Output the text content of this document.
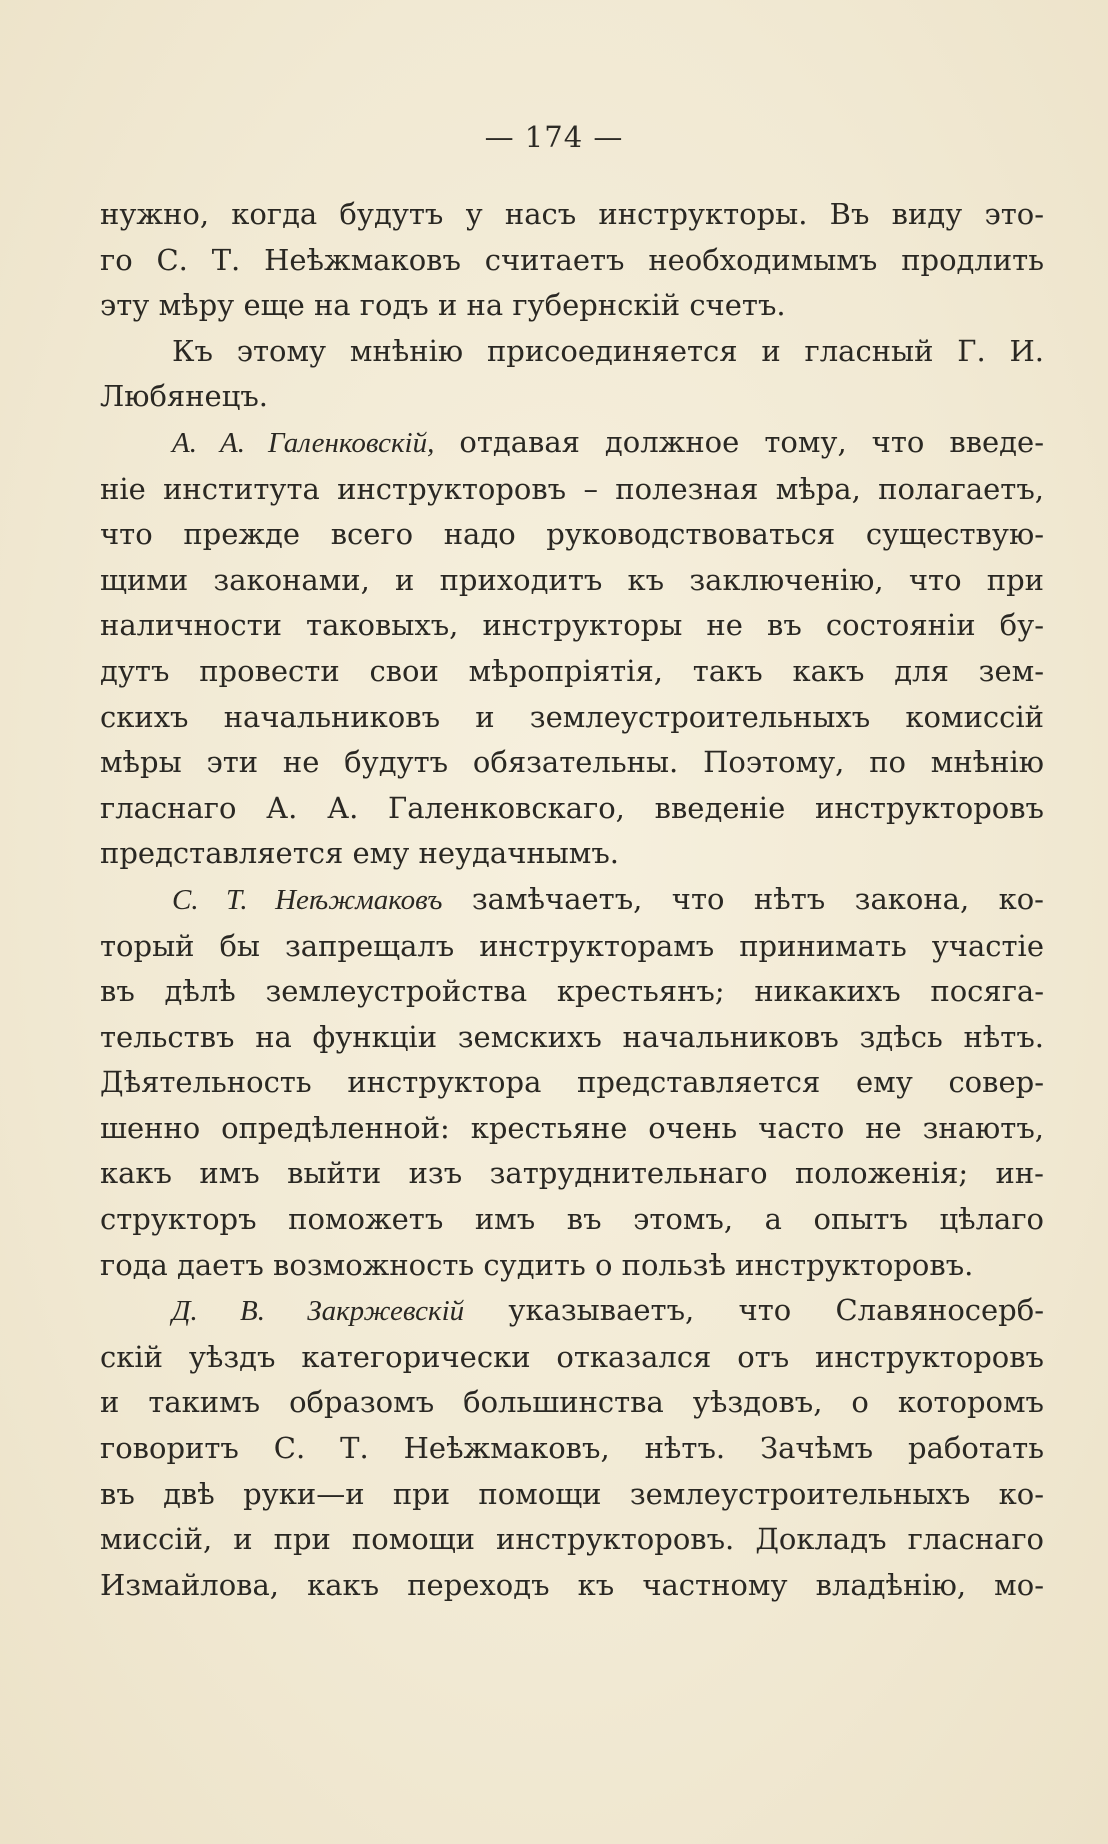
— 174 —

нужно, когда будутъ у насъ инструкторы. Въ виду это-
го С. Т. Неѣжмаковъ считаетъ необходимымъ продлить
эту мѣру еще на годъ и на губернскій счетъ.

Къ этому мнѣнію присоединяется и гласный Г. И.
Любянецъ.

А. А. Галенковскій, отдавая должное тому, что введе-
ніе института инструкторовъ – полезная мѣра, полагаетъ,
что прежде всего надо руководствоваться существую-
щими законами, и приходитъ къ заключенію, что при
наличности таковыхъ, инструкторы не въ состояніи бу-
дутъ провести свои мѣропріятія, такъ какъ для зем-
скихъ начальниковъ и землеустроительныхъ комиссій
мѣры эти не будутъ обязательны. Поэтому, по мнѣнію
гласнаго А. А. Галенковскаго, введеніе инструкторовъ
представляется ему неудачнымъ.

С. Т. Неѣжмаковъ замѣчаетъ, что нѣтъ закона, ко-
торый бы запрещалъ инструкторамъ принимать участіе
въ дѣлѣ землеустройства крестьянъ; никакихъ посяга-
тельствъ на функціи земскихъ начальниковъ здѣсь нѣтъ.
Дѣятельность инструктора представляется ему совер-
шенно опредѣленной: крестьяне очень часто не знаютъ,
какъ имъ выйти изъ затруднительнаго положенія; ин-
структоръ поможетъ имъ въ этомъ, а опытъ цѣлаго
года даетъ возможность судить о пользѣ инструкторовъ.

Д. В. Закржевскій указываетъ, что Славяносерб-
скій уѣздъ категорически отказался отъ инструкторовъ
и такимъ образомъ большинства уѣздовъ, о которомъ
говоритъ С. Т. Неѣжмаковъ, нѣтъ. Зачѣмъ работать
въ двѣ руки—и при помощи землеустроительныхъ ко-
миссій, и при помощи инструкторовъ. Докладъ гласнаго
Измайлова, какъ переходъ къ частному владѣнію, мо-
